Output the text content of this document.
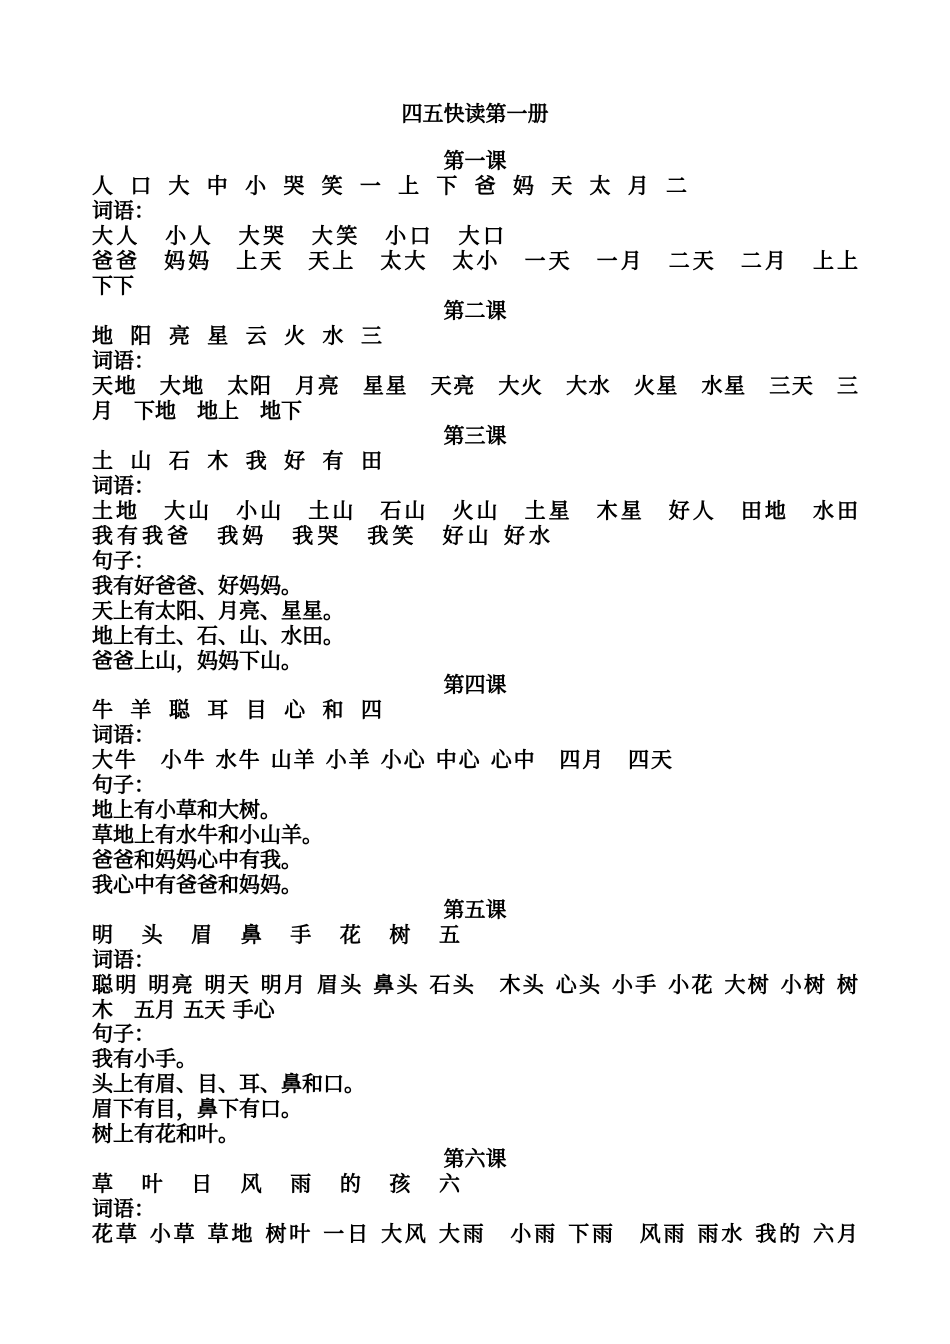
四五快读第一册
第一课
人 口 大 中 小 哭 笑 一 上 下 爸 妈 天 太 月 二
词语：
大人　小人　大哭　大笑　小口　大口
爸爸　妈妈　上天　天上　太大　太小　一天　一月　二天　二月　上上
下下
第二课
地 阳 亮 星 云 火 水 三
词语：
天地　大地　太阳　月亮　星星　天亮　大火　大水　火星　水星　三天　三
月　下地　地上　地下
第三课
土 山 石 木 我 好 有 田
词语：
土地　大山　小山　土山　石山　火山　土星　木星　好人　田地　水田
我有我爸　我妈　我哭　我笑　好山 好水
句子：
我有好爸爸、好妈妈。
天上有太阳、月亮、星星。
地上有土、石、山、水田。
爸爸上山，妈妈下山。
第四课
牛 羊 聪 耳 目 心 和 四
词语：
大牛　小牛 水牛 山羊 小羊 小心 中心 心中　四月　四天
句子：
地上有小草和大树。
草地上有水牛和小山羊。
爸爸和妈妈心中有我。
我心中有爸爸和妈妈。
第五课
明　头　眉　鼻　手　花　树　五
词语：
聪明 明亮 明天 明月 眉头 鼻头 石头　木头 心头 小手 小花 大树 小树 树
木　五月 五天 手心
句子：
我有小手。
头上有眉、目、耳、鼻和口。
眉下有目，鼻下有口。
树上有花和叶。
第六课
草　叶　日　风　雨　的　孩　六
词语：
花草 小草 草地 树叶 一日 大风 大雨　小雨 下雨　风雨 雨水 我的 六月
